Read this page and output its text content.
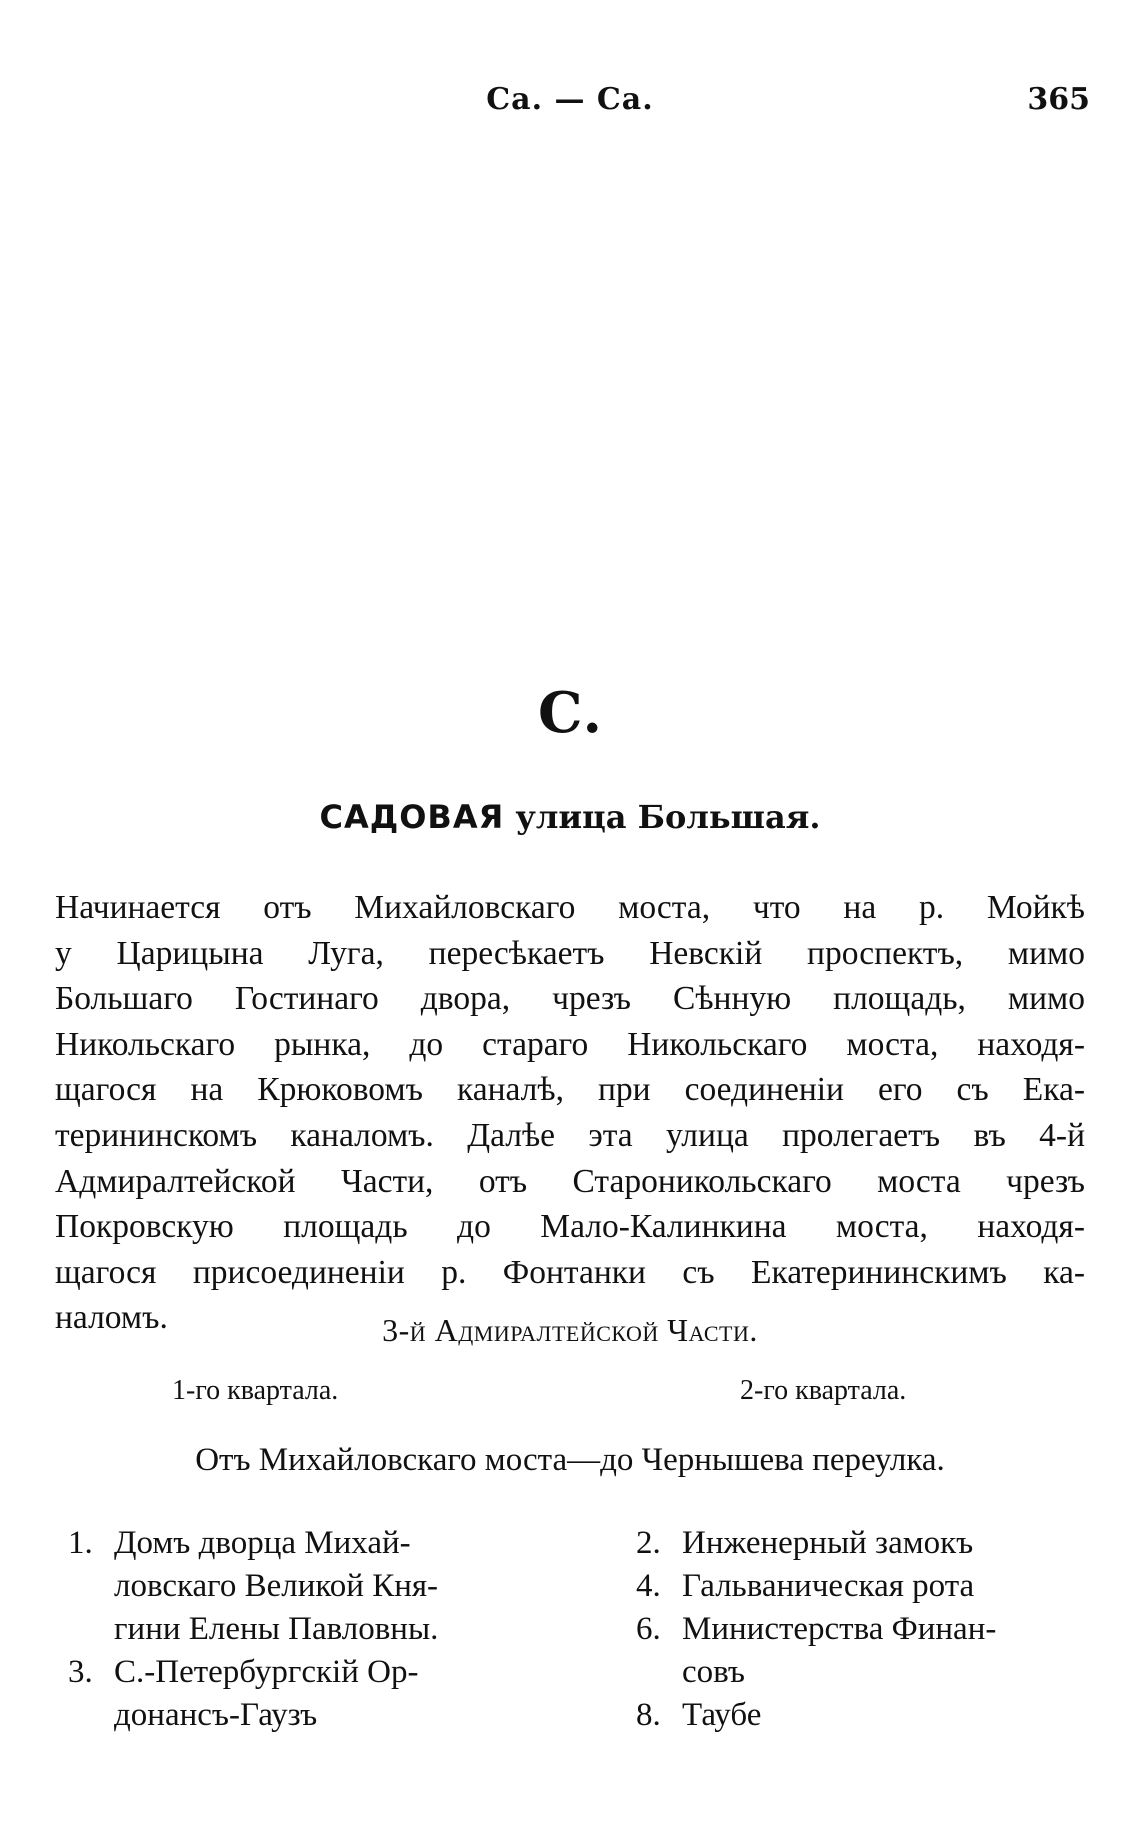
Са. — Са.	365
С.
САДОВАЯ улица Большая.
Начинается отъ Михайловскаго моста, что на р. Мойкѣ
у Царицына Луга, пересѣкаетъ Невскій проспектъ, мимо
Большаго Гостинаго двора, чрезъ Сѣнную площадь, мимо
Никольскаго рынка, до стараго Никольскаго моста, находя-
щагося на Крюковомъ каналѣ, при соединеніи его съ Ека-
терининскомъ каналомъ. Далѣе эта улица пролегаетъ въ 4-й
Адмиралтейской Части, отъ Староникольскаго моста чрезъ
Покровскую площадь до Мало-Калинкина моста, находя-
щагося присоединеніи р. Фонтанки съ Екатерининскимъ ка-
наломъ.	3-й Адмиралтейской Части.
1-го квартала.	2-го квартала.
Отъ Михайловскаго моста—до Чернышева переулка.
1. Домъ дворца Михай-
ловскаго Великой Кня-
гини Елены Павловны.
3. С.-Петербургскій Ор-
донансъ-Гаузъ
2. Инженерный замокъ
4. Гальваническая рота
6. Министерства Финан-
совъ
8. Таубе
